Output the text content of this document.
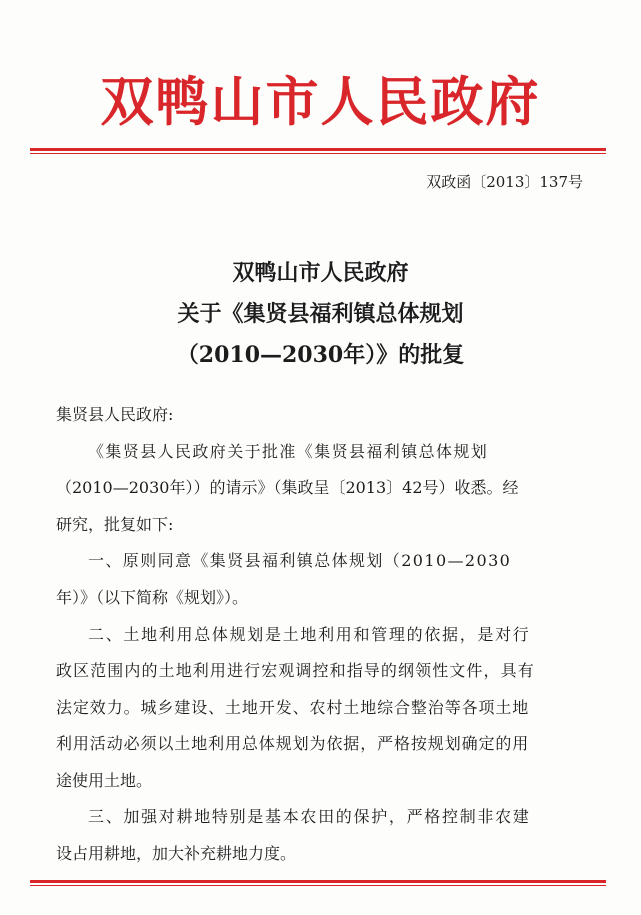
双鸭山市人民政府
双政函〔2013〕137号
双鸭山市人民政府
关于《集贤县福利镇总体规划
（2010—2030年）》的批复
集贤县人民政府:
《集贤县人民政府关于批准《集贤县福利镇总体规划
（2010—2030年））的请示》（集政呈〔2013〕42号）收悉。经
研究，批复如下:
一、原则同意《集贤县福利镇总体规划（2010—2030
年）》（以下简称《规划》）。
二、土地利用总体规划是土地利用和管理的依据，是对行
政区范围内的土地利用进行宏观调控和指导的纲领性文件，具有
法定效力。城乡建设、土地开发、农村土地综合整治等各项土地
利用活动必须以土地利用总体规划为依据，严格按规划确定的用
途使用土地。
三、加强对耕地特别是基本农田的保护，严格控制非农建
设占用耕地，加大补充耕地力度。
